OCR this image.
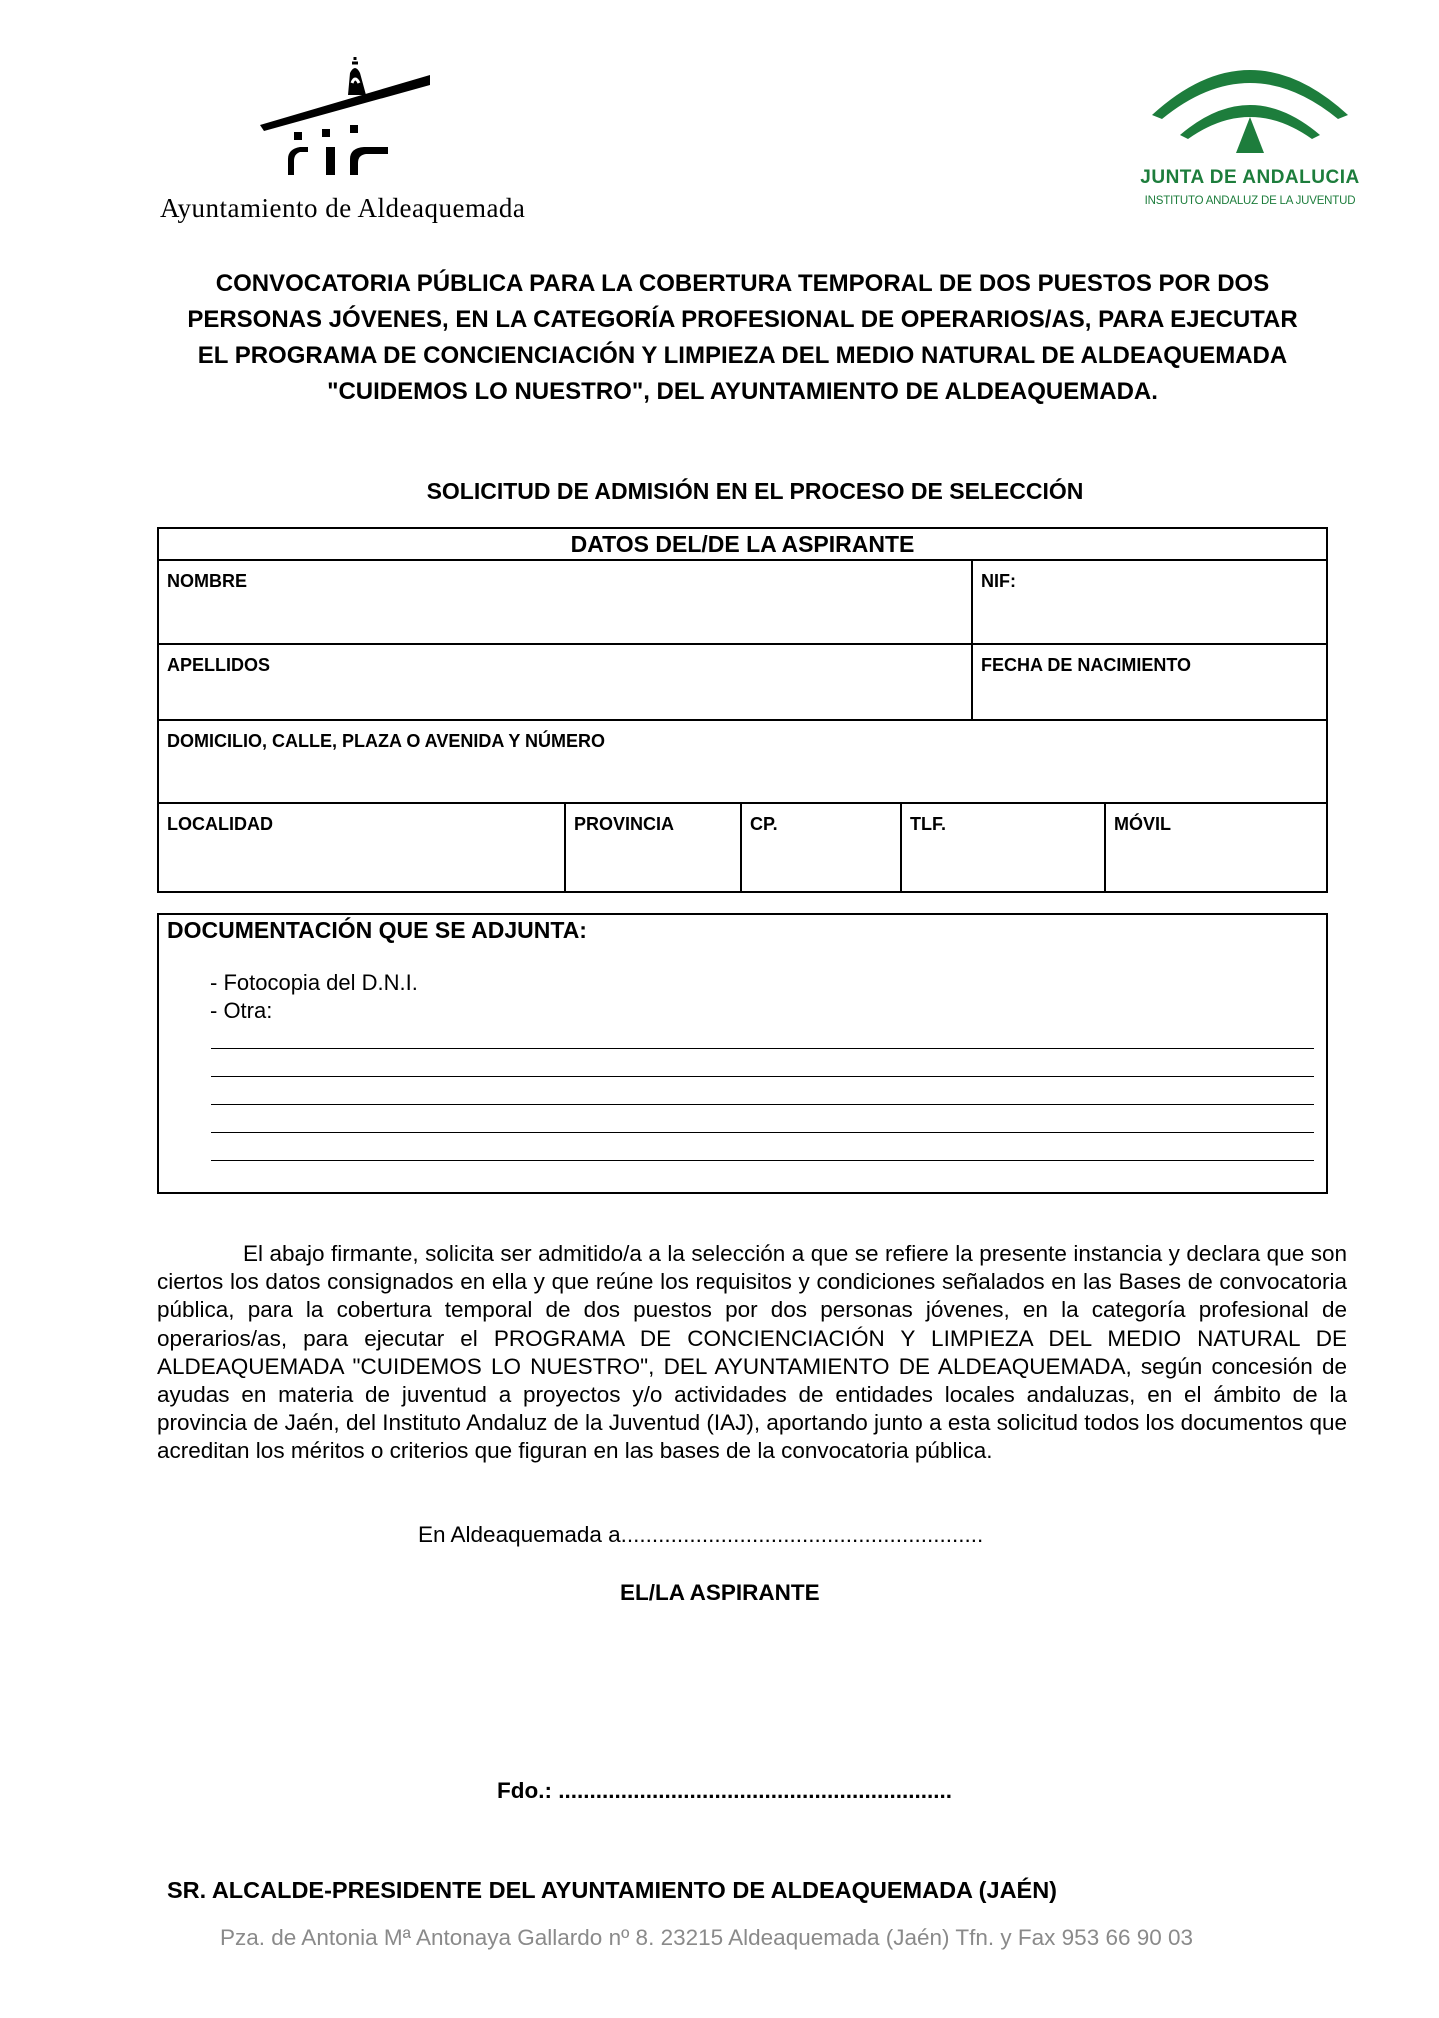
Ayuntamiento de Aldeaquemada
JUNTA DE ANDALUCIA
INSTITUTO ANDALUZ DE LA JUVENTUD
CONVOCATORIA PÚBLICA PARA LA COBERTURA TEMPORAL DE DOS PUESTOS POR DOS
PERSONAS JÓVENES, EN LA CATEGORÍA PROFESIONAL DE OPERARIOS/AS, PARA EJECUTAR
EL PROGRAMA DE CONCIENCIACIÓN Y LIMPIEZA DEL MEDIO NATURAL DE ALDEAQUEMADA
"CUIDEMOS LO NUESTRO", DEL AYUNTAMIENTO DE ALDEAQUEMADA.
SOLICITUD DE ADMISIÓN EN EL PROCESO DE SELECCIÓN
DATOS DEL/DE LA ASPIRANTE
NOMBRE	NIF:
APELLIDOS	FECHA DE NACIMIENTO
DOMICILIO, CALLE, PLAZA O AVENIDA Y NÚMERO
LOCALIDAD	PROVINCIA	CP.	TLF.	MÓVIL
DOCUMENTACIÓN QUE SE ADJUNTA:
- Fotocopia del D.N.I.
- Otra:
El abajo firmante, solicita ser admitido/a a la selección a que se refiere la presente instancia y declara que son ciertos los datos consignados en ella y que reúne los requisitos y condiciones señalados en las Bases de convocatoria pública, para la cobertura temporal de dos puestos por dos personas jóvenes, en la categoría profesional de operarios/as, para ejecutar el PROGRAMA DE CONCIENCIACIÓN Y LIMPIEZA DEL MEDIO NATURAL DE ALDEAQUEMADA "CUIDEMOS LO NUESTRO", DEL AYUNTAMIENTO DE ALDEAQUEMADA, según concesión de ayudas en materia de juventud a proyectos y/o actividades de entidades locales andaluzas, en el ámbito de la provincia de Jaén, del Instituto Andaluz de la Juventud (IAJ), aportando junto a esta solicitud todos los documentos que acreditan los méritos o criterios que figuran en las bases de la convocatoria pública.
En Aldeaquemada a..........................................................
EL/LA ASPIRANTE
Fdo.: ...............................................................
SR. ALCALDE-PRESIDENTE DEL AYUNTAMIENTO DE ALDEAQUEMADA (JAÉN)
Pza. de Antonia Mª Antonaya Gallardo nº 8. 23215 Aldeaquemada (Jaén) Tfn. y Fax 953 66 90 03
